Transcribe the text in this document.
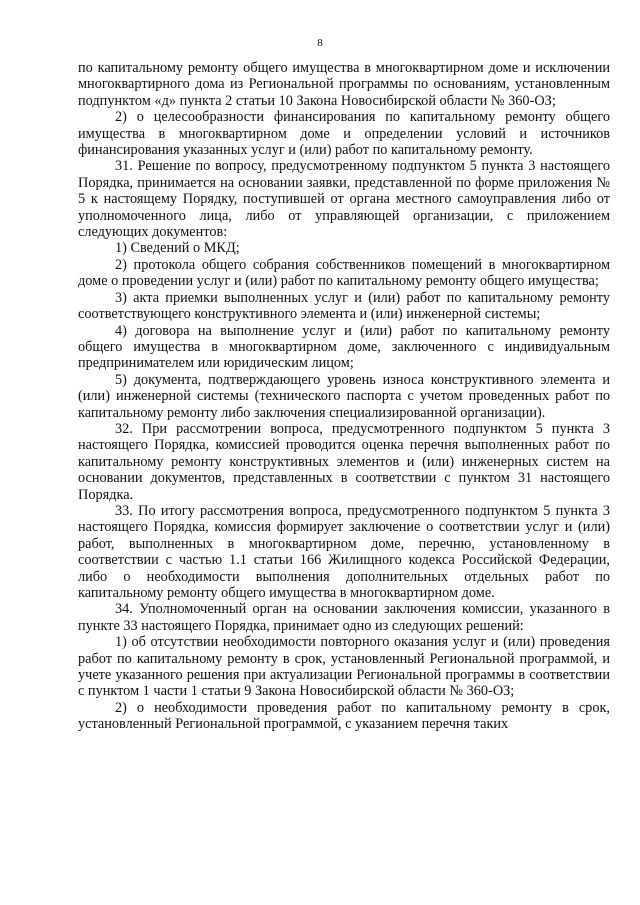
8

по капитальному ремонту общего имущества в многоквартирном доме и исключении многоквартирного дома из Региональной программы по основаниям, установленным подпунктом «д» пункта 2 статьи 10 Закона Новосибирской области № 360-ОЗ;

2) о целесообразности финансирования по капитальному ремонту общего имущества в многоквартирном доме и определении условий и источников финансирования указанных услуг и (или) работ по капитальному ремонту.

31. Решение по вопросу, предусмотренному подпунктом 5 пункта 3 настоящего Порядка, принимается на основании заявки, представленной по форме приложения № 5 к настоящему Порядку, поступившей от органа местного самоуправления либо от уполномоченного лица, либо от управляющей организации, с приложением следующих документов:

1) Сведений о МКД;

2) протокола общего собрания собственников помещений в многоквартирном доме о проведении услуг и (или) работ по капитальному ремонту общего имущества;

3) акта приемки выполненных услуг и (или) работ по капитальному ремонту соответствующего конструктивного элемента и (или) инженерной системы;

4) договора на выполнение услуг и (или) работ по капитальному ремонту общего имущества в многоквартирном доме, заключенного с индивидуальным предпринимателем или юридическим лицом;

5) документа, подтверждающего уровень износа конструктивного элемента и (или) инженерной системы (технического паспорта с учетом проведенных работ по капитальному ремонту либо заключения специализированной организации).

32. При рассмотрении вопроса, предусмотренного подпунктом 5 пункта 3 настоящего Порядка, комиссией проводится оценка перечня выполненных работ по капитальному ремонту конструктивных элементов и (или) инженерных систем на основании документов, представленных в соответствии с пунктом 31 настоящего Порядка.

33. По итогу рассмотрения вопроса, предусмотренного подпунктом 5 пункта 3 настоящего Порядка, комиссия формирует заключение о соответствии услуг и (или) работ, выполненных в многоквартирном доме, перечню, установленному в соответствии с частью 1.1 статьи 166 Жилищного кодекса Российской Федерации, либо о необходимости выполнения дополнительных отдельных работ по капитальному ремонту общего имущества в многоквартирном доме.

34. Уполномоченный орган на основании заключения комиссии, указанного в пункте 33 настоящего Порядка, принимает одно из следующих решений:

1) об отсутствии необходимости повторного оказания услуг и (или) проведения работ по капитальному ремонту в срок, установленный Региональной программой, и учете указанного решения при актуализации Региональной программы в соответствии с пунктом 1 части 1 статьи 9 Закона Новосибирской области № 360-ОЗ;

2) о необходимости проведения работ по капитальному ремонту в срок, установленный Региональной программой, с указанием перечня таких
